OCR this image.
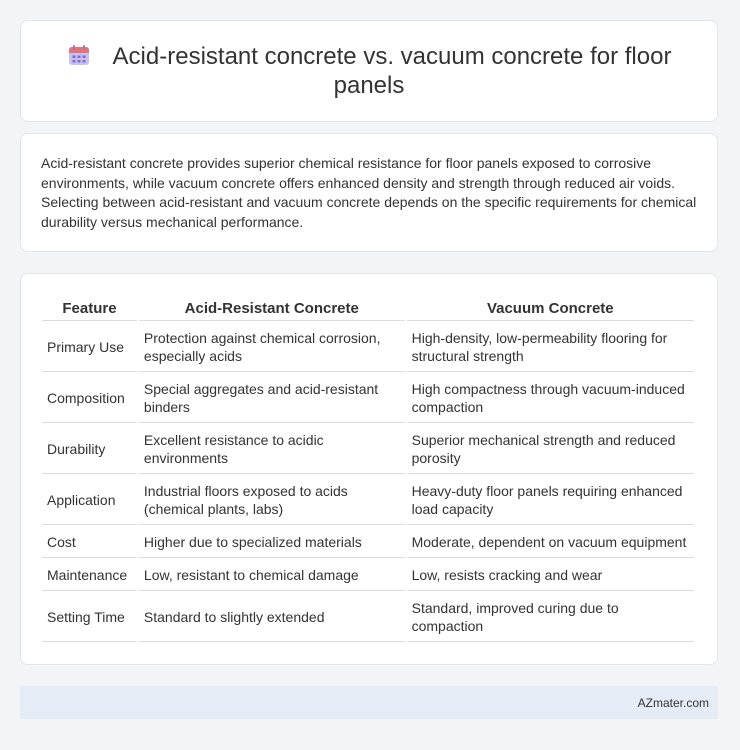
Acid-resistant concrete vs. vacuum concrete for floor panels

Acid-resistant concrete provides superior chemical resistance for floor panels exposed to corrosive environments, while vacuum concrete offers enhanced density and strength through reduced air voids. Selecting between acid-resistant and vacuum concrete depends on the specific requirements for chemical durability versus mechanical performance.

Feature	Acid-Resistant Concrete	Vacuum Concrete
Primary Use	Protection against chemical corrosion, especially acids	High-density, low-permeability flooring for structural strength
Composition	Special aggregates and acid-resistant binders	High compactness through vacuum-induced compaction
Durability	Excellent resistance to acidic environments	Superior mechanical strength and reduced porosity
Application	Industrial floors exposed to acids (chemical plants, labs)	Heavy-duty floor panels requiring enhanced load capacity
Cost	Higher due to specialized materials	Moderate, dependent on vacuum equipment
Maintenance	Low, resistant to chemical damage	Low, resists cracking and wear
Setting Time	Standard to slightly extended	Standard, improved curing due to compaction
AZmater.com
